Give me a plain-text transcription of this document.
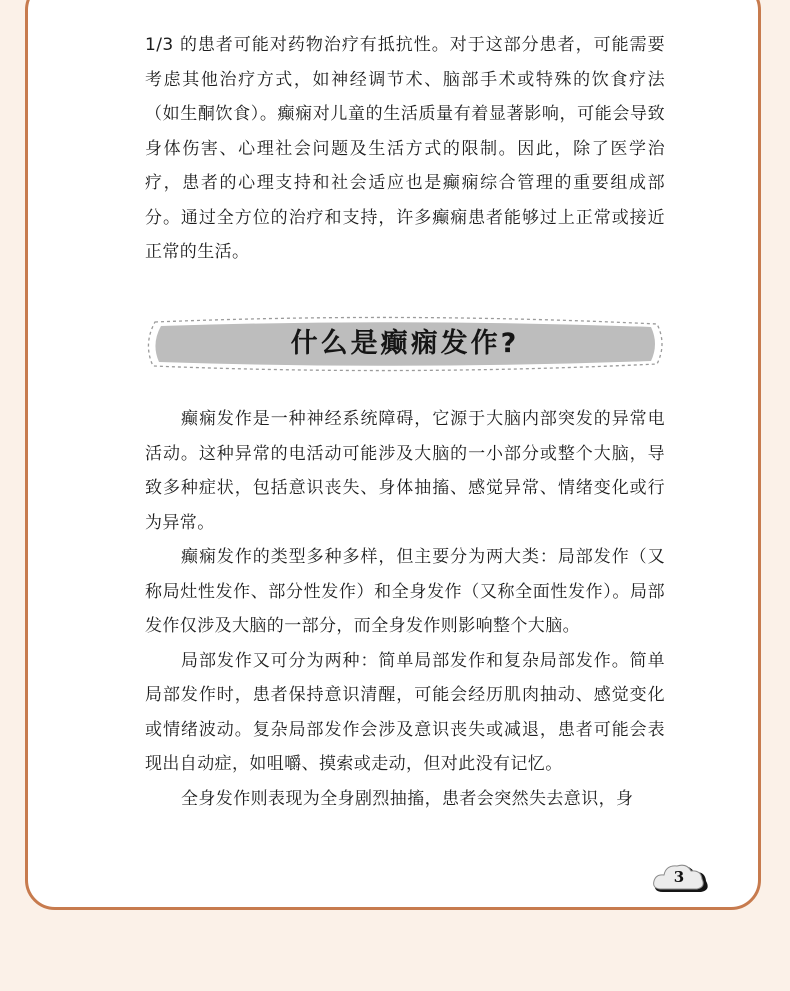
1/3 的患者可能对药物治疗有抵抗性。对于这部分患者，可能需要考虑其他治疗方式，如神经调节术、脑部手术或特殊的饮食疗法（如生酮饮食）。癫痫对儿童的生活质量有着显著影响，可能会导致身体伤害、心理社会问题及生活方式的限制。因此，除了医学治疗，患者的心理支持和社会适应也是癫痫综合管理的重要组成部分。通过全方位的治疗和支持，许多癫痫患者能够过上正常或接近正常的生活。

什么是癫痫发作?

癫痫发作是一种神经系统障碍，它源于大脑内部突发的异常电活动。这种异常的电活动可能涉及大脑的一小部分或整个大脑，导致多种症状，包括意识丧失、身体抽搐、感觉异常、情绪变化或行为异常。

癫痫发作的类型多种多样，但主要分为两大类：局部发作（又称局灶性发作、部分性发作）和全身发作（又称全面性发作）。局部发作仅涉及大脑的一部分，而全身发作则影响整个大脑。

局部发作又可分为两种：简单局部发作和复杂局部发作。简单局部发作时，患者保持意识清醒，可能会经历肌肉抽动、感觉变化或情绪波动。复杂局部发作会涉及意识丧失或减退，患者可能会表现出自动症，如咀嚼、摸索或走动，但对此没有记忆。

全身发作则表现为全身剧烈抽搐，患者会突然失去意识，身

3
